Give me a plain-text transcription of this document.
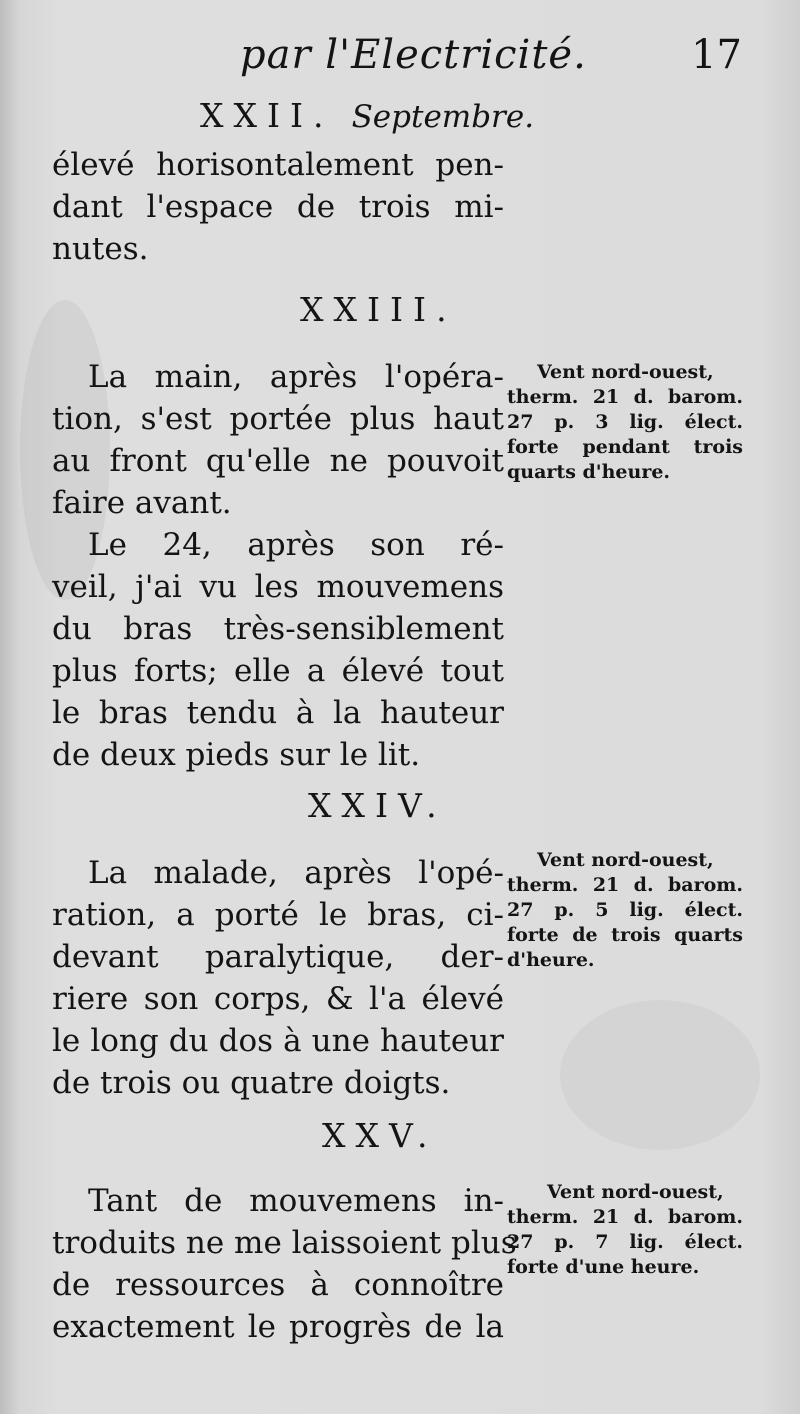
par l'Electricité.	17
XXII. Septembre.
élevé horisontalement pen-
dant l'espace de trois mi-
nutes.
XXIII.
La main, après l'opéra-
tion, s'est portée plus haut
au front qu'elle ne pouvoit
faire avant.
Le 24, après son ré-
veil, j'ai vu les mouvemens
du bras très-sensiblement
plus forts; elle a élevé tout
le bras tendu à la hauteur
de deux pieds sur le lit.
Vent nord-ouest,
therm. 21 d. barom.
27 p. 3 lig. élect.
forte pendant trois
quarts d'heure.
XXIV.
La malade, après l'opé-
ration, a porté le bras, ci-
devant paralytique, der-
riere son corps, & l'a élevé
le long du dos à une hauteur
de trois ou quatre doigts.
Vent nord-ouest,
therm. 21 d. barom.
27 p. 5 lig. élect.
forte de trois quarts
d'heure.
XXV.
Tant de mouvemens in-
troduits ne me laissoient plus
de ressources à connoître
exactement le progrès de la
Vent nord-ouest,
therm. 21 d. barom.
27 p. 7 lig. élect.
forte d'une heure.
